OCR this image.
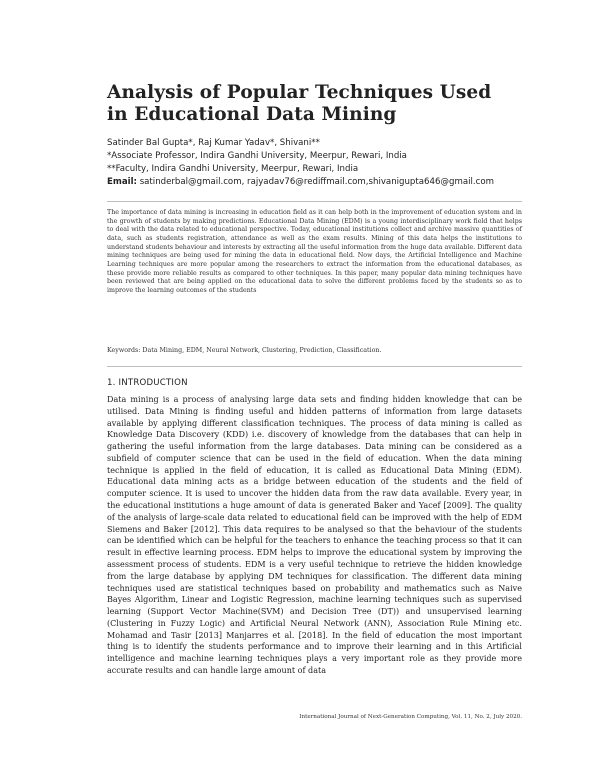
Analysis of Popular Techniques Used in Educational Data Mining
Satinder Bal Gupta*, Raj Kumar Yadav*, Shivani**
*Associate Professor, Indira Gandhi University, Meerpur, Rewari, India
**Faculty, Indira Gandhi University, Meerpur, Rewari, India
Email: satinderbal@gmail.com, rajyadav76@rediffmail.com,shivanigupta646@gmail.com

The importance of data mining is increasing in education field as it can help both in the improvement of education system and in the growth of students by making predictions. Educational Data Mining (EDM) is a young interdisciplinary work field that helps to deal with the data related to educational perspective. Today, educational institutions collect and archive massive quantities of data, such as students registration, attendance as well as the exam results. Mining of this data helps the institutions to understand students behaviour and interests by extracting all the useful information from the huge data available. Different data mining techniques are being used for mining the data in educational field. Now days, the Artificial Intelligence and Machine Learning techniques are more popular among the researchers to extract the information from the educational databases, as these provide more reliable results as compared to other techniques. In this paper, many popular data mining techniques have been reviewed that are being applied on the educational data to solve the different problems faced by the students so as to improve the learning outcomes of the students

Keywords: Data Mining, EDM, Neural Network, Clustering, Prediction, Classification.
1. INTRODUCTION

Data mining is a process of analysing large data sets and finding hidden knowledge that can be utilised. Data Mining is finding useful and hidden patterns of information from large datasets available by applying different classification techniques. The process of data mining is called as Knowledge Data Discovery (KDD) i.e. discovery of knowledge from the databases that can help in gathering the useful information from the large databases. Data mining can be considered as a subfield of computer science that can be used in the field of education. When the data mining technique is applied in the field of education, it is called as Educational Data Mining (EDM). Educational data mining acts as a bridge between education of the students and the field of computer science. It is used to uncover the hidden data from the raw data available. Every year, in the educational institutions a huge amount of data is generated Baker and Yacef [2009]. The quality of the analysis of large-scale data related to educational field can be improved with the help of EDM Siemens and Baker [2012]. This data requires to be analysed so that the behaviour of the students can be identified which can be helpful for the teachers to enhance the teaching process so that it can result in effective learning process. EDM helps to improve the educational system by improving the assessment process of students. EDM is a very useful technique to retrieve the hidden knowledge from the large database by applying DM techniques for classification. The different data mining techniques used are statistical techniques based on probability and mathematics such as Naive Bayes Algorithm, Linear and Logistic Regression, machine learning techniques such as supervised learning (Support Vector Machine(SVM) and Decision Tree (DT)) and unsupervised learning (Clustering in Fuzzy Logic) and Artificial Neural Network (ANN), Association Rule Mining etc. Mohamad and Tasir [2013] Manjarres et al. [2018]. In the field of education the most important thing is to identify the students performance and to improve their learning and in this Artificial intelligence and machine learning techniques plays a very important role as they provide more accurate results and can handle large amount of data

International Journal of Next-Generation Computing, Vol. 11, No. 2, July 2020.
